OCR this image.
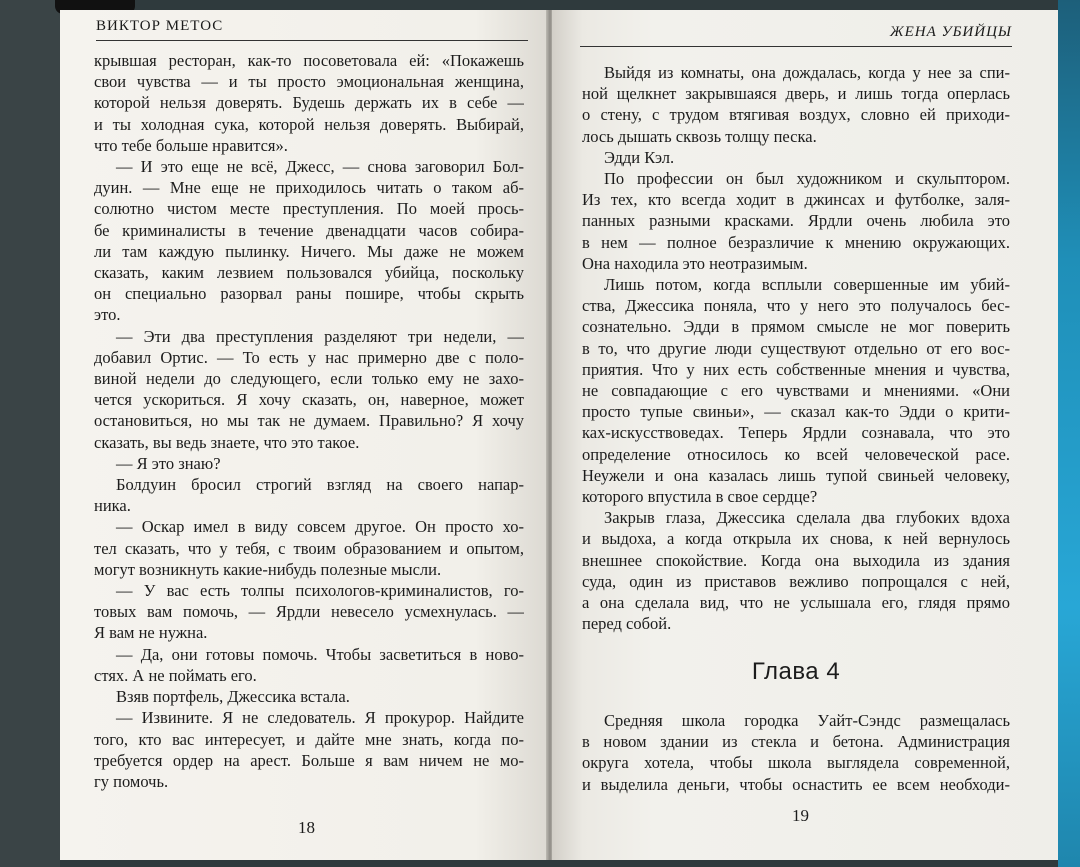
ВИКТОР МЕТОС
крывшая ресторан, как-то посоветовала ей: «Покажешь
свои чувства — и ты просто эмоциональная женщина,
которой нельзя доверять. Будешь держать их в себе —
и ты холодная сука, которой нельзя доверять. Выбирай,
что тебе больше нравится».
— И это еще не всё, Джесс, — снова заговорил Бол-
дуин. — Мне еще не приходилось читать о таком аб-
солютно чистом месте преступления. По моей прось-
бе криминалисты в течение двенадцати часов собира-
ли там каждую пылинку. Ничего. Мы даже не можем
сказать, каким лезвием пользовался убийца, поскольку
он специально разорвал раны пошире, чтобы скрыть
это.
— Эти два преступления разделяют три недели, —
добавил Ортис. — То есть у нас примерно две с поло-
виной недели до следующего, если только ему не захо-
чется ускориться. Я хочу сказать, он, наверное, может
остановиться, но мы так не думаем. Правильно? Я хочу
сказать, вы ведь знаете, что это такое.
— Я это знаю?
Болдуин бросил строгий взгляд на своего напар-
ника.
— Оскар имел в виду совсем другое. Он просто хо-
тел сказать, что у тебя, с твоим образованием и опытом,
могут возникнуть какие-нибудь полезные мысли.
— У вас есть толпы психологов-криминалистов, го-
товых вам помочь, — Ярдли невесело усмехнулась. —
Я вам не нужна.
— Да, они готовы помочь. Чтобы засветиться в ново-
стях. А не поймать его.
Взяв портфель, Джессика встала.
— Извините. Я не следователь. Я прокурор. Найдите
того, кто вас интересует, и дайте мне знать, когда по-
требуется ордер на арест. Больше я вам ничем не мо-
гу помочь.
18
ЖЕНА УБИЙЦЫ
Выйдя из комнаты, она дождалась, когда у нее за спи-
ной щелкнет закрывшаяся дверь, и лишь тогда оперлась
о стену, с трудом втягивая воздух, словно ей приходи-
лось дышать сквозь толщу песка.
Эдди Кэл.
По профессии он был художником и скульптором.
Из тех, кто всегда ходит в джинсах и футболке, заля-
панных разными красками. Ярдли очень любила это
в нем — полное безразличие к мнению окружающих.
Она находила это неотразимым.
Лишь потом, когда всплыли совершенные им убий-
ства, Джессика поняла, что у него это получалось бес-
сознательно. Эдди в прямом смысле не мог поверить
в то, что другие люди существуют отдельно от его вос-
приятия. Что у них есть собственные мнения и чувства,
не совпадающие с его чувствами и мнениями. «Они
просто тупые свиньи», — сказал как-то Эдди о крити-
ках-искусствоведах. Теперь Ярдли сознавала, что это
определение относилось ко всей человеческой расе.
Неужели и она казалась лишь тупой свиньей человеку,
которого впустила в свое сердце?
Закрыв глаза, Джессика сделала два глубоких вдоха
и выдоха, а когда открыла их снова, к ней вернулось
внешнее спокойствие. Когда она выходила из здания
суда, один из приставов вежливо попрощался с ней,
а она сделала вид, что не услышала его, глядя прямо
перед собой.
Глава 4
Средняя школа городка Уайт-Сэндс размещалась
в новом здании из стекла и бетона. Администрация
округа хотела, чтобы школа выглядела современной,
и выделила деньги, чтобы оснастить ее всем необходи-
19
